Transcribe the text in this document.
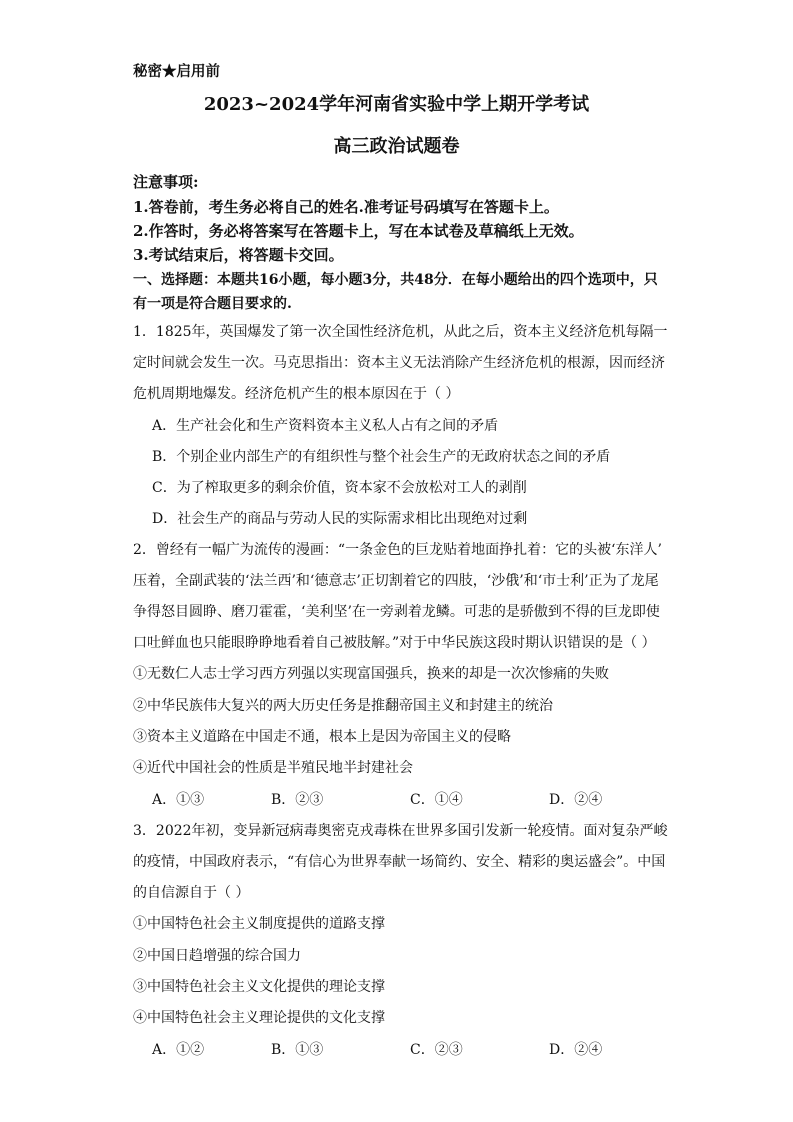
秘密★启用前
2023~2024学年河南省实验中学上期开学考试
高三政治试题卷
注意事项:
1.答卷前，考生务必将自己的姓名.准考证号码填写在答题卡上。
2.作答时，务必将答案写在答题卡上，写在本试卷及草稿纸上无效。
3.考试结束后，将答题卡交回。
一、选择题：本题共16小题，每小题3分，共48分．在每小题给出的四个选项中，只
有一项是符合题目要求的.
1．1825年，英国爆发了第一次全国性经济危机，从此之后，资本主义经济危机每隔一
定时间就会发生一次。马克思指出：资本主义无法消除产生经济危机的根源，因而经济
危机周期地爆发。经济危机产生的根本原因在于（ ）
A．生产社会化和生产资料资本主义私人占有之间的矛盾
B．个别企业内部生产的有组织性与整个社会生产的无政府状态之间的矛盾
C．为了榨取更多的剩余价值，资本家不会放松对工人的剥削
D．社会生产的商品与劳动人民的实际需求相比出现绝对过剩
2．曾经有一幅广为流传的漫画：“一条金色的巨龙贴着地面挣扎着：它的头被‘东洋人’
压着，全副武装的‘法兰西’和‘德意志’正切割着它的四肢，‘沙俄’和‘市士利’正为了龙尾
争得怒目圆睁、磨刀霍霍，‘美利坚’在一旁剥着龙鳞。可悲的是骄傲到不得的巨龙即使
口吐鲜血也只能眼睁睁地看着自己被肢解。”对于中华民族这段时期认识错误的是（ ）
①无数仁人志士学习西方列强以实现富国强兵，换来的却是一次次惨痛的失败
②中华民族伟大复兴的两大历史任务是推翻帝国主义和封建主的统治
③资本主义道路在中国走不通，根本上是因为帝国主义的侵略
④近代中国社会的性质是半殖民地半封建社会
A．①③	B．②③	C．①④	D．②④
3．2022年初，变异新冠病毒奥密克戎毒株在世界多国引发新一轮疫情。面对复杂严峻
的疫情，中国政府表示，“有信心为世界奉献一场简约、安全、精彩的奥运盛会”。中国
的自信源自于（ ）
①中国特色社会主义制度提供的道路支撑
②中国日趋增强的综合国力
③中国特色社会主义文化提供的理论支撑
④中国特色社会主义理论提供的文化支撑
A．①②	B．①③	C．②③	D．②④
